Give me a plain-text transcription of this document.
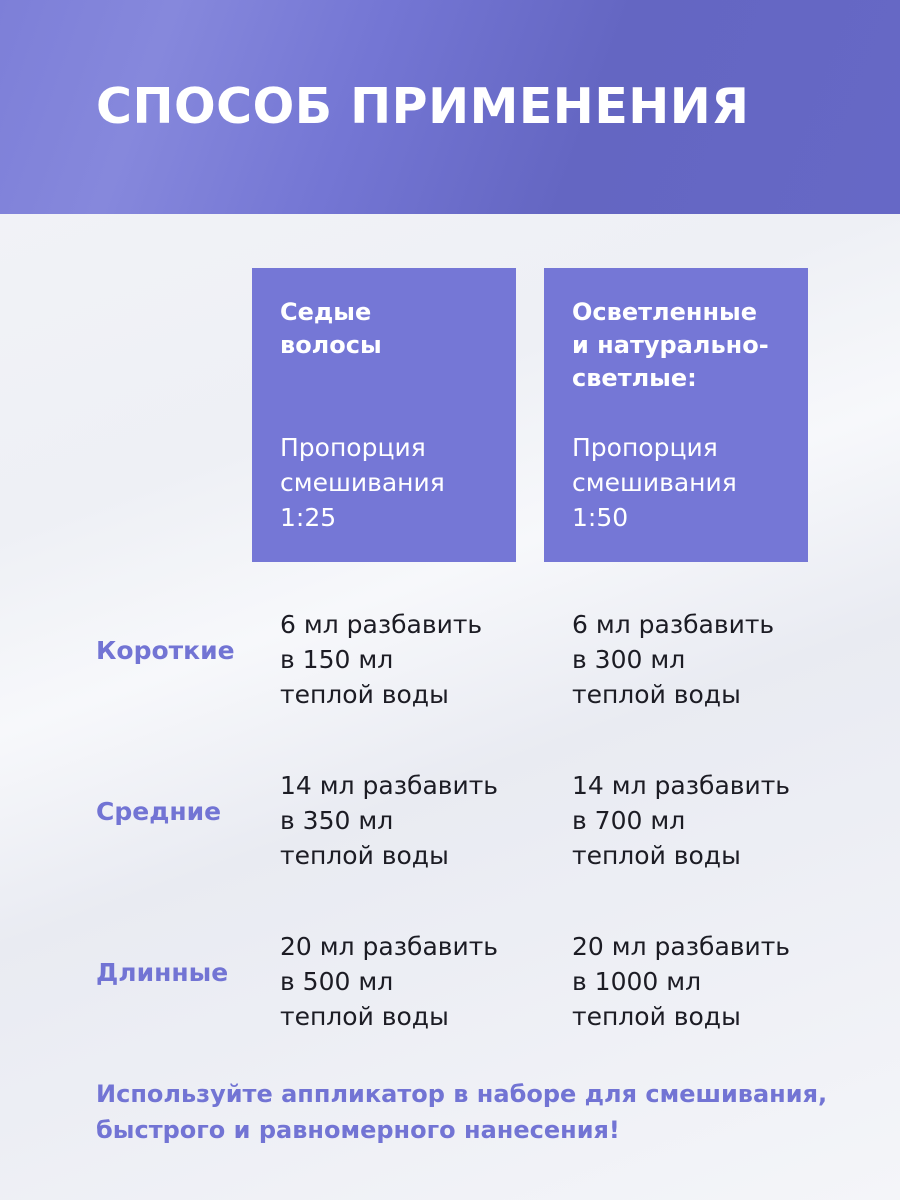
СПОСОБ ПРИМЕНЕНИЯ
Седые
волосы
Пропорция
смешивания
1:25
Осветленные
и натурально-
светлые:
Пропорция
смешивания
1:50
Короткие
6 мл разбавить
в 150 мл
теплой воды
6 мл разбавить
в 300 мл
теплой воды
Средние
14 мл разбавить
в 350 мл
теплой воды
14 мл разбавить
в 700 мл
теплой воды
Длинные
20 мл разбавить
в 500 мл
теплой воды
20 мл разбавить
в 1000 мл
теплой воды
Используйте аппликатор в наборе для смешивания, быстрого и равномерного нанесения!
